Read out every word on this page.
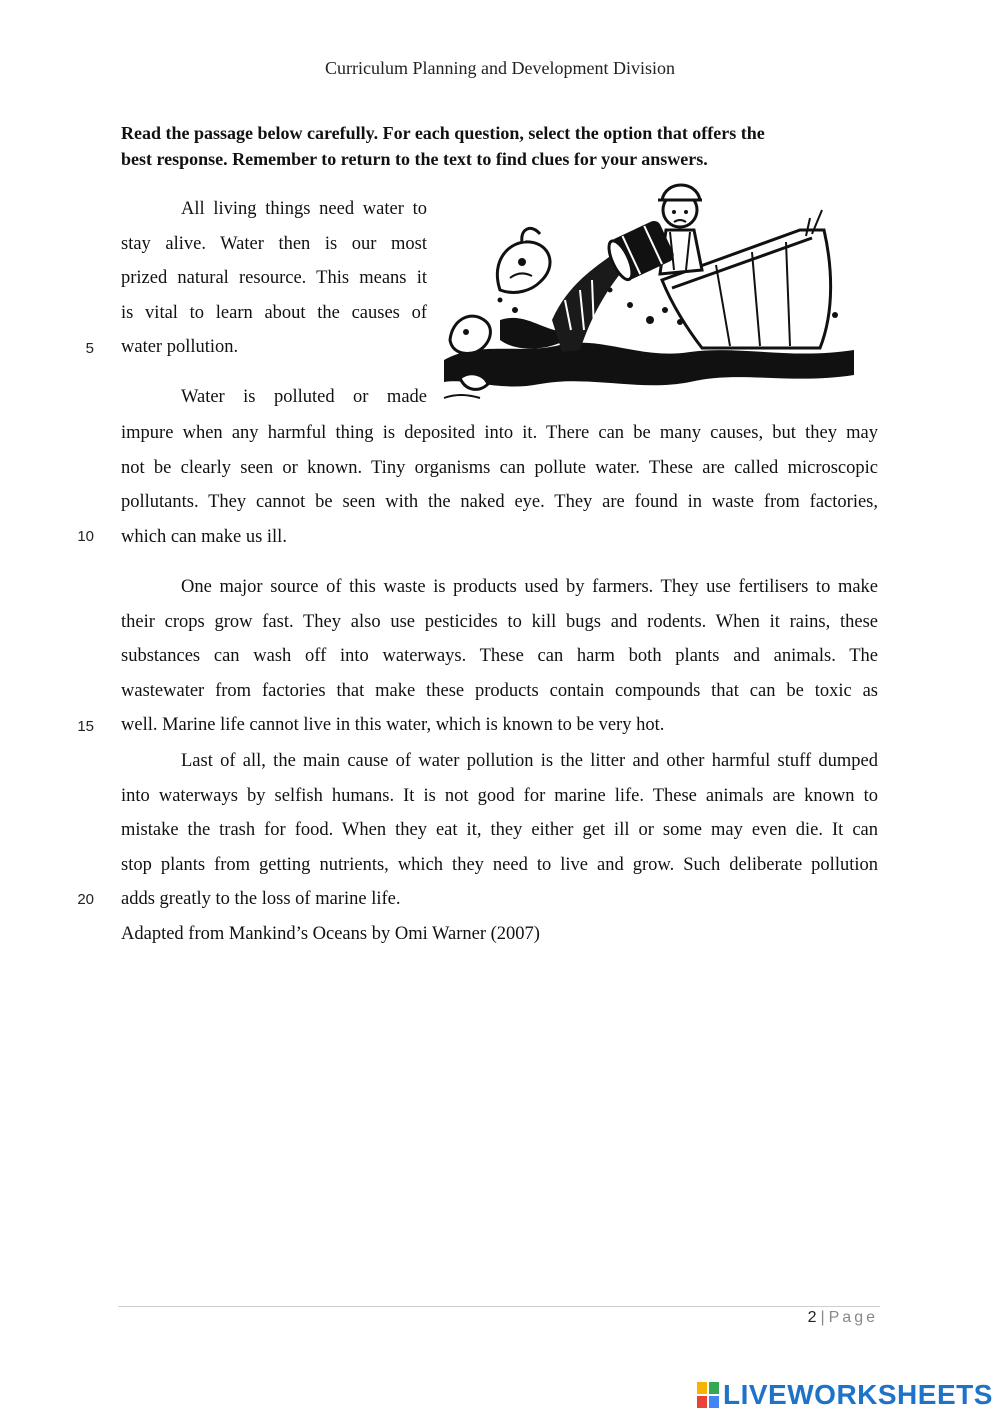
Curriculum Planning and Development Division
Read the passage below carefully. For each question, select the option that offers the
best response. Remember to return to the text to find clues for your answers.
All living things need water to
stay alive. Water then is our most
prized natural resource. This means it
is vital to learn about the causes of
water pollution.
Water is polluted or made
impure when any harmful thing is deposited into it. There can be many causes, but they may
not be clearly seen or known. Tiny organisms can pollute water. These are called microscopic
pollutants. They cannot be seen with the naked eye. They are found in waste from factories,
which can make us ill.
One major source of this waste is products used by farmers. They use fertilisers to make
their crops grow fast. They also use pesticides to kill bugs and rodents. When it rains, these
substances can wash off into waterways. These can harm both plants and animals. The
wastewater from factories that make these products contain compounds that can be toxic as
well. Marine life cannot live in this water, which is known to be very hot.
Last of all, the main cause of water pollution is the litter and other harmful stuff dumped
into waterways by selfish humans. It is not good for marine life. These animals are known to
mistake the trash for food. When they eat it, they either get ill or some may even die. It can
stop plants from getting nutrients, which they need to live and grow. Such deliberate pollution
adds greatly to the loss of marine life.
Adapted from Mankind’s Oceans by Omi Warner (2007)
5
10
15
20
2 | Page
LIVEWORKSHEETS
